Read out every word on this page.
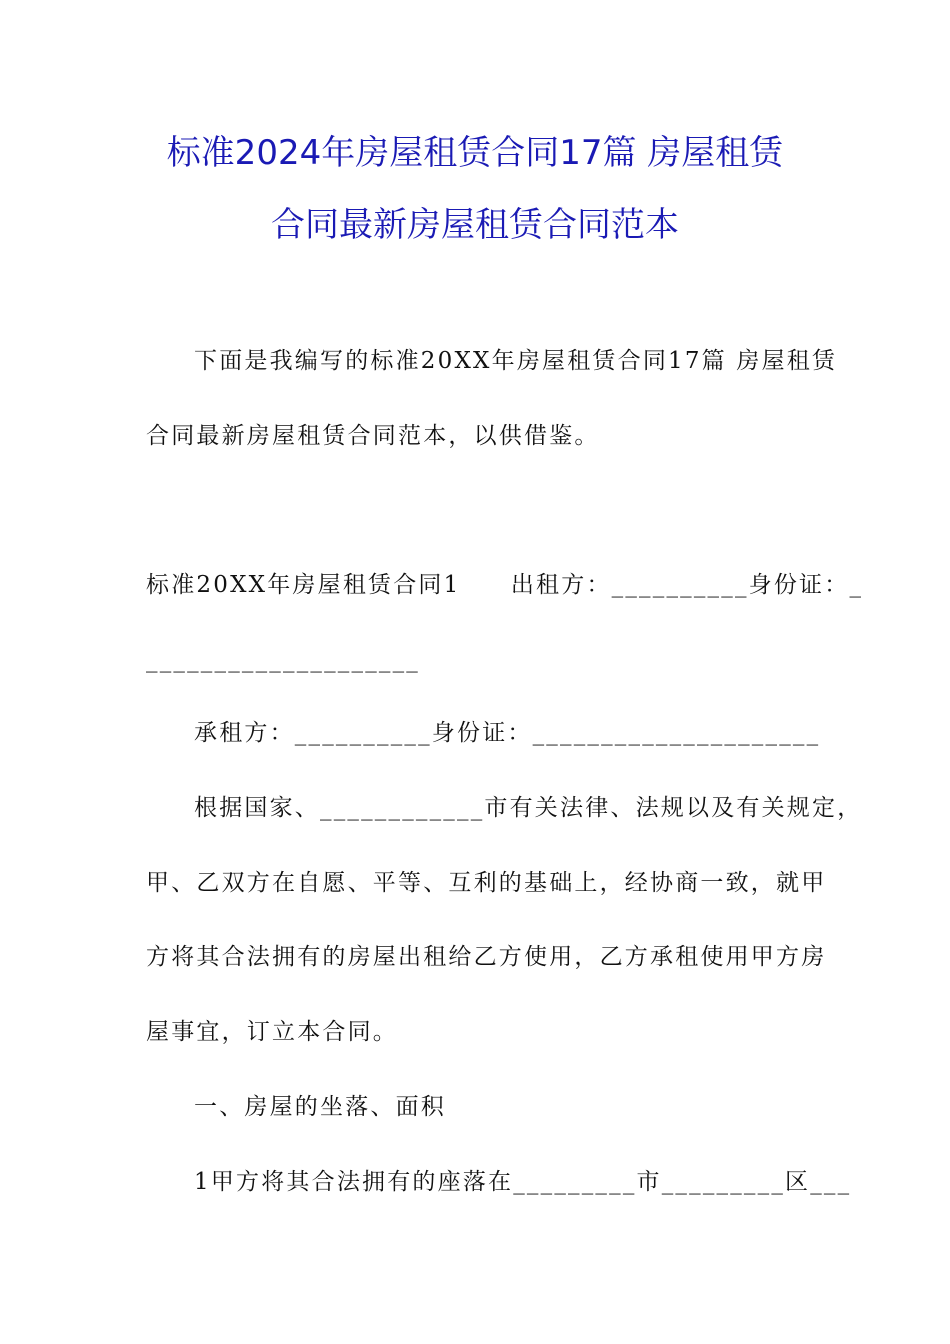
标准2024年房屋租赁合同17篇 房屋租赁
合同最新房屋租赁合同范本
下面是我编写的标准20XX年房屋租赁合同17篇 房屋租赁
合同最新房屋租赁合同范本，以供借鉴。
标准20XX年房屋租赁合同1　　出租方：__________身份证：_
____________________
承租方：__________身份证：_____________________
根据国家、____________市有关法律、法规以及有关规定，
甲、乙双方在自愿、平等、互利的基础上，经协商一致，就甲
方将其合法拥有的房屋出租给乙方使用，乙方承租使用甲方房
屋事宜，订立本合同。
一、房屋的坐落、面积
1甲方将其合法拥有的座落在_________市_________区___
